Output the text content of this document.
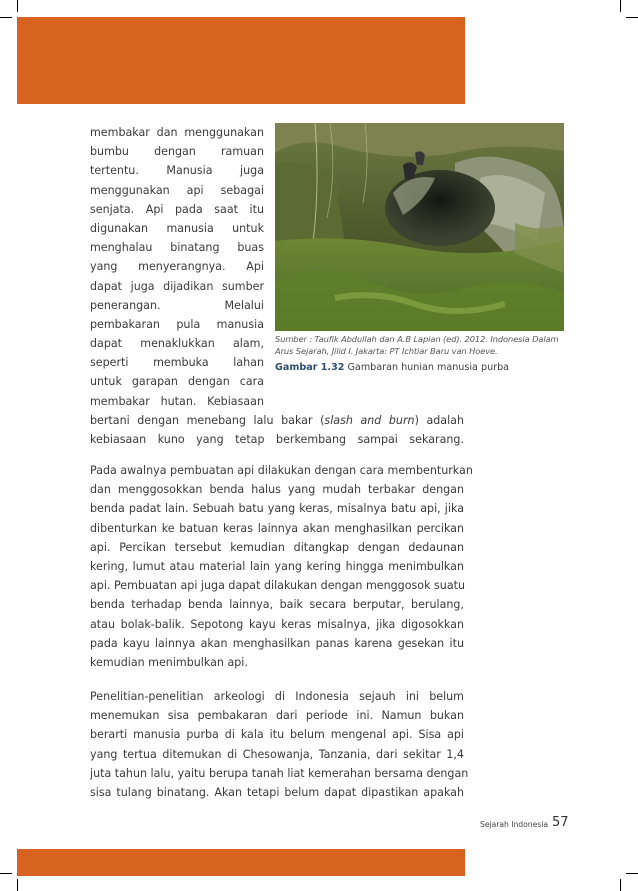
Sumber : Taufik Abdullah dan A.B Lapian (ed). 2012. Indonesia Dalam Arus Sejarah, Jilid I. Jakarta: PT Ichtiar Baru van Hoeve.
Gambar 1.32 Gambaran hunian manusia purba
membakar dan menggunakan
bumbu dengan ramuan
tertentu. Manusia juga
menggunakan api sebagai
senjata. Api pada saat itu
digunakan manusia untuk
menghalau binatang buas
yang menyerangnya. Api
dapat juga dijadikan sumber
penerangan. Melalui
pembakaran pula manusia
dapat menaklukkan alam,
seperti membuka lahan
untuk garapan dengan cara
membakar hutan. Kebiasaan
bertani dengan menebang lalu bakar (slash and burn) adalah
kebiasaan kuno yang tetap berkembang sampai sekarang.
Pada awalnya pembuatan api dilakukan dengan cara membenturkan
dan menggosokkan benda halus yang mudah terbakar dengan
benda padat lain. Sebuah batu yang keras, misalnya batu api, jika
dibenturkan ke batuan keras lainnya akan menghasilkan percikan
api. Percikan tersebut kemudian ditangkap dengan dedaunan
kering, lumut atau material lain yang kering hingga menimbulkan
api. Pembuatan api juga dapat dilakukan dengan menggosok suatu
benda terhadap benda lainnya, baik secara berputar, berulang,
atau bolak-balik. Sepotong kayu keras misalnya, jika digosokkan
pada kayu lainnya akan menghasilkan panas karena gesekan itu
kemudian menimbulkan api.
Penelitian-penelitian arkeologi di Indonesia sejauh ini belum
menemukan sisa pembakaran dari periode ini. Namun bukan
berarti manusia purba di kala itu belum mengenal api. Sisa api
yang tertua ditemukan di Chesowanja, Tanzania, dari sekitar 1,4
juta tahun lalu, yaitu berupa tanah liat kemerahan bersama dengan
sisa tulang binatang. Akan tetapi belum dapat dipastikan apakah
Sejarah Indonesia 57
